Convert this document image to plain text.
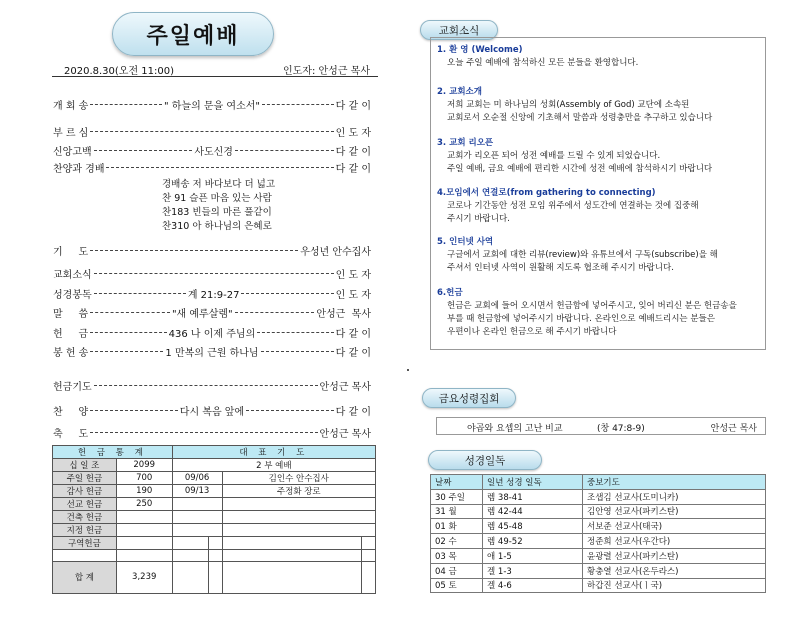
주일예배
2020.8.30(오전 11:00)	인도자: 안성근 목사
개 회 송	" 하늘의 문을 여소서"	다 같 이
부 르 심	인 도 자
신앙고백	사도신경	다 같 이
찬양과 경배	다 같 이
기     도	우성년 안수집사
교회소식	인 도 자
성경봉독	계 21:9-27	인 도 자
말     씀	"새 예루살렘"	안성근  목사
헌     금	436 나 이제 주님의	다 같 이
봉 헌 송	1 만복의 근원 하나님	다 같 이
헌금기도	안성근 목사
찬     양	다시 복음 앞에	다 같 이
축     도	안성근 목사
경배송 저 바다보다 더 넓고
찬 91 슬픈 마음 있는 사람
찬183 빈들의 마른 풀같이
찬310 아 하나님의 은혜로
헌 금 통 계		대 표 기 도			
십 일 조	2099	2 부 예배			
주일 헌금	700	09/06		김인수 안수집사	
감사 헌금	190	09/13		주정화 장로	
선교 헌금	250				
건축 헌금					
지정 헌금					
구역헌금					

합 계	3,239				
교회소식
1. 환 영 (Welcome)
오늘 주일 예배에 참석하신 모든 분들을 환영합니다.
2. 교회소개
저희 교회는 미 하나님의 성회(Assembly of God) 교단에 소속된
교회로서 오순절 신앙에 기초해서 말씀과 성령충만을 추구하고 있습니다
3. 교회 리오픈
교회가 리오픈 되어 성전 예배를 드릴 수 있게 되었습니다.
주일 예배, 금요 예배에 편리한 시간에 성전 예배에 참석하시기 바랍니다
4.모임에서 연결로(from gathering to connecting)
코로나 기간동안 성전 모임 위주에서 성도간에 연결하는 것에 집중해
주시기 바랍니다.
5. 인터넷 사역
구글에서 교회에 대한 리뷰(review)와 유튜브에서 구독(subscribe)을 해
주셔서 인터넷 사역이 원활해 지도록 협조해 주시기 바랍니다.
6.헌금
헌금은 교회에 들어 오시면서 헌금함에 넣어주시고, 잊어 버리신 분은 헌금송을
부를 때 헌금함에 넣어주시기 바랍니다. 온라인으로 예배드리시는 분들은
우편이나 온라인 헌금으로 해 주시기 바랍니다
금요성령집회
야곱와 요셉의 고난 비교	(창 47:8-9)	안성근 목사
성경일독
날짜	일년 성경 일독	중보기도
30 주일	렘 38-41	조샙김 선교사(도미니카)
31 월	렘 42-44	김안영 선교사(파키스탄)
01 화	렘 45-48	서보준 선교사(태국)
02 수	렘 49-52	정준희 선교사(우간다)
03 목	애 1-5	윤광렬 선교사(파키스탄)
04 금	겔 1-3	황충열 선교사(온두라스)
05 토	겔 4-6	하갑진 선교사(ㅣ국)
